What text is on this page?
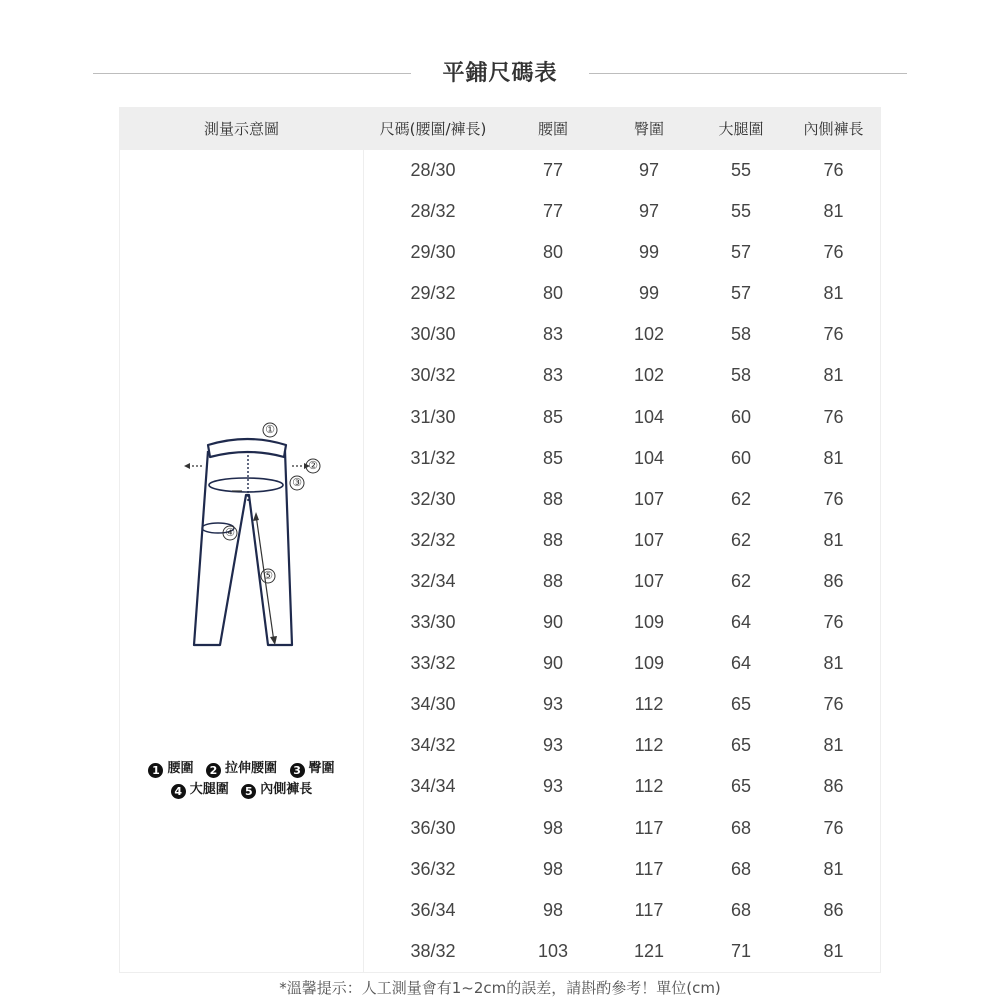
平鋪尺碼表
測量示意圖	尺碼(腰圍/褲長)	腰圍	臀圍	大腿圍	內側褲長
1 腰圍 2 拉伸腰圍 3 臀圍
4 大腿圍 5 內側褲長
①
②
③
④
⑤
28/30	77	97	55	76
28/32	77	97	55	81
29/30	80	99	57	76
29/32	80	99	57	81
30/30	83	102	58	76
30/32	83	102	58	81
31/30	85	104	60	76
31/32	85	104	60	81
32/30	88	107	62	76
32/32	88	107	62	81
32/34	88	107	62	86
33/30	90	109	64	76
33/32	90	109	64	81
34/30	93	112	65	76
34/32	93	112	65	81
34/34	93	112	65	86
36/30	98	117	68	76
36/32	98	117	68	81
36/34	98	117	68	86
38/32	103	121	71	81
*溫馨提示：人工測量會有1~2cm的誤差，請斟酌參考！單位(cm)
